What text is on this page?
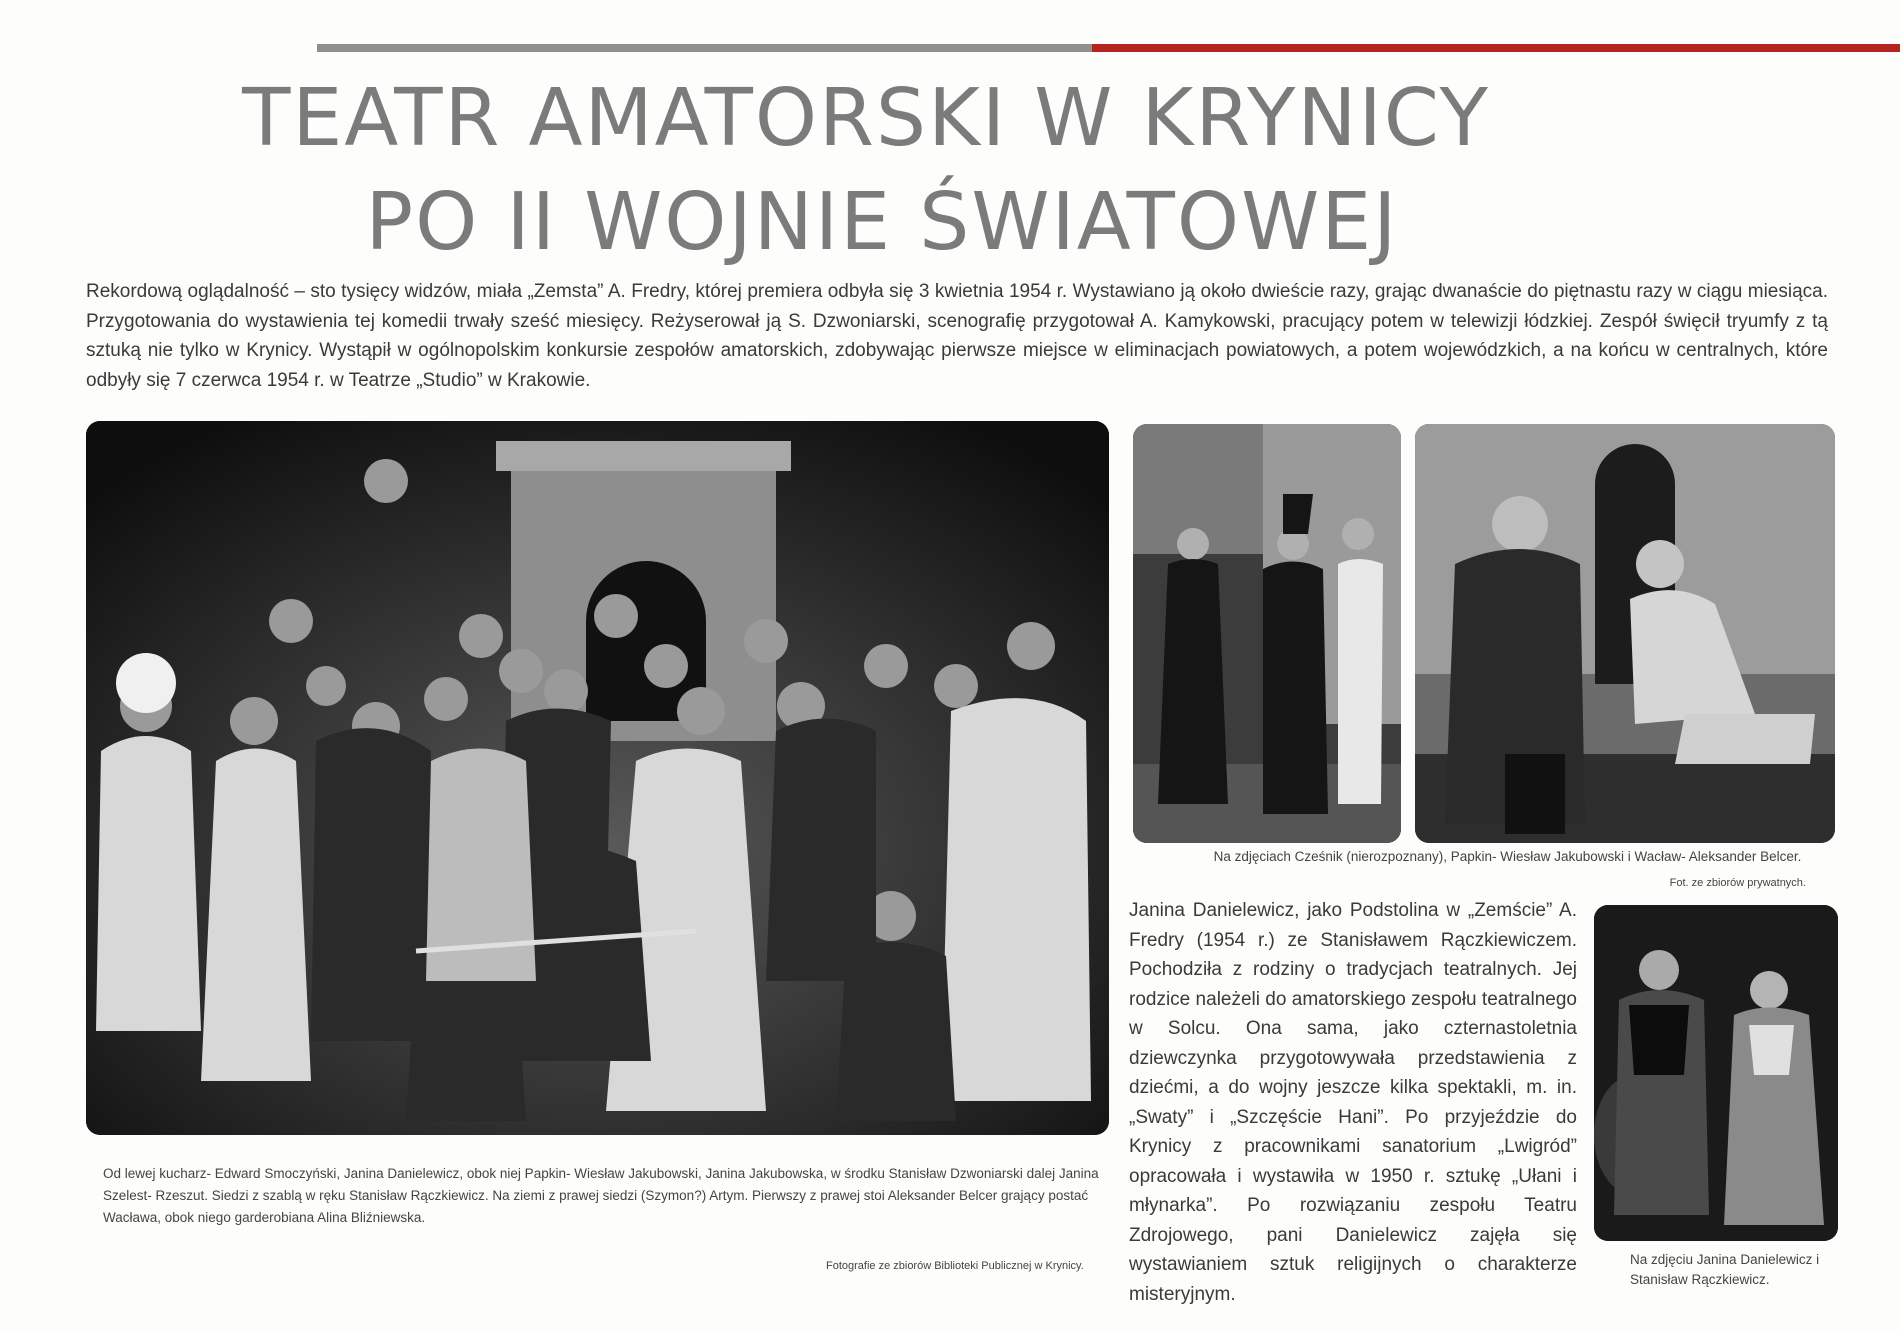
TEATR AMATORSKI W KRYNICY
PO II WOJNIE ŚWIATOWEJ

Rekordową oglądalność – sto tysięcy widzów, miała „Zemsta” A. Fredry, której premiera odbyła się 3 kwietnia 1954 r. Wystawiano ją około dwieście razy, grając dwanaście do piętnastu razy w ciągu miesiąca. Przygotowania do wystawienia tej komedii trwały sześć miesięcy. Reżyserował ją S. Dzwoniarski, scenografię przygotował A. Kamykowski, pracujący potem w telewizji łódzkiej. Zespół święcił tryumfy z tą sztuką nie tylko w Krynicy. Wystąpił w ogólnopolskim konkursie zespołów amatorskich, zdobywając pierwsze miejsce w eliminacjach powiatowych, a potem wojewódzkich, a na końcu w centralnych, które odbyły się 7 czerwca 1954 r. w Teatrze „Studio” w Krakowie.

Od lewej kucharz- Edward Smoczyński, Janina Danielewicz, obok niej Papkin- Wiesław Jakubowski, Janina Jakubowska, w środku Stanisław Dzwoniarski dalej Janina Szelest- Rzeszut. Siedzi z szablą w ręku Stanisław Rączkiewicz. Na ziemi z prawej siedzi (Szymon?) Artym. Pierwszy z prawej stoi Aleksander Belcer grający postać Wacława, obok niego garderobiana Alina Bliźniewska.

Fotografie ze zbiorów Biblioteki Publicznej w Krynicy.

Na zdjęciach Cześnik (nierozpoznany), Papkin- Wiesław Jakubowski i Wacław- Aleksander Belcer.

Fot. ze zbiorów prywatnych.

Janina Danielewicz, jako Podstolina w „Zemście” A. Fredry (1954 r.) ze Stanisławem Rączkiewiczem. Pochodziła z rodziny o tradycjach teatralnych. Jej rodzice należeli do amatorskiego zespołu teatralnego w Solcu. Ona sama, jako czternastoletnia dziewczynka przygotowywała przedstawienia z dziećmi, a do wojny jeszcze kilka spektakli, m. in. „Swaty” i „Szczęście Hani”. Po przyjeździe do Krynicy z pracownikami sanatorium „Lwigród” opracowała i wystawiła w 1950 r. sztukę „Ułani i młynarka”. Po rozwiązaniu zespołu Teatru Zdrojowego, pani Danielewicz zajęła się wystawianiem sztuk religijnych o charakterze misteryjnym.

Na zdjęciu Janina Danielewicz i Stanisław Rączkiewicz.
